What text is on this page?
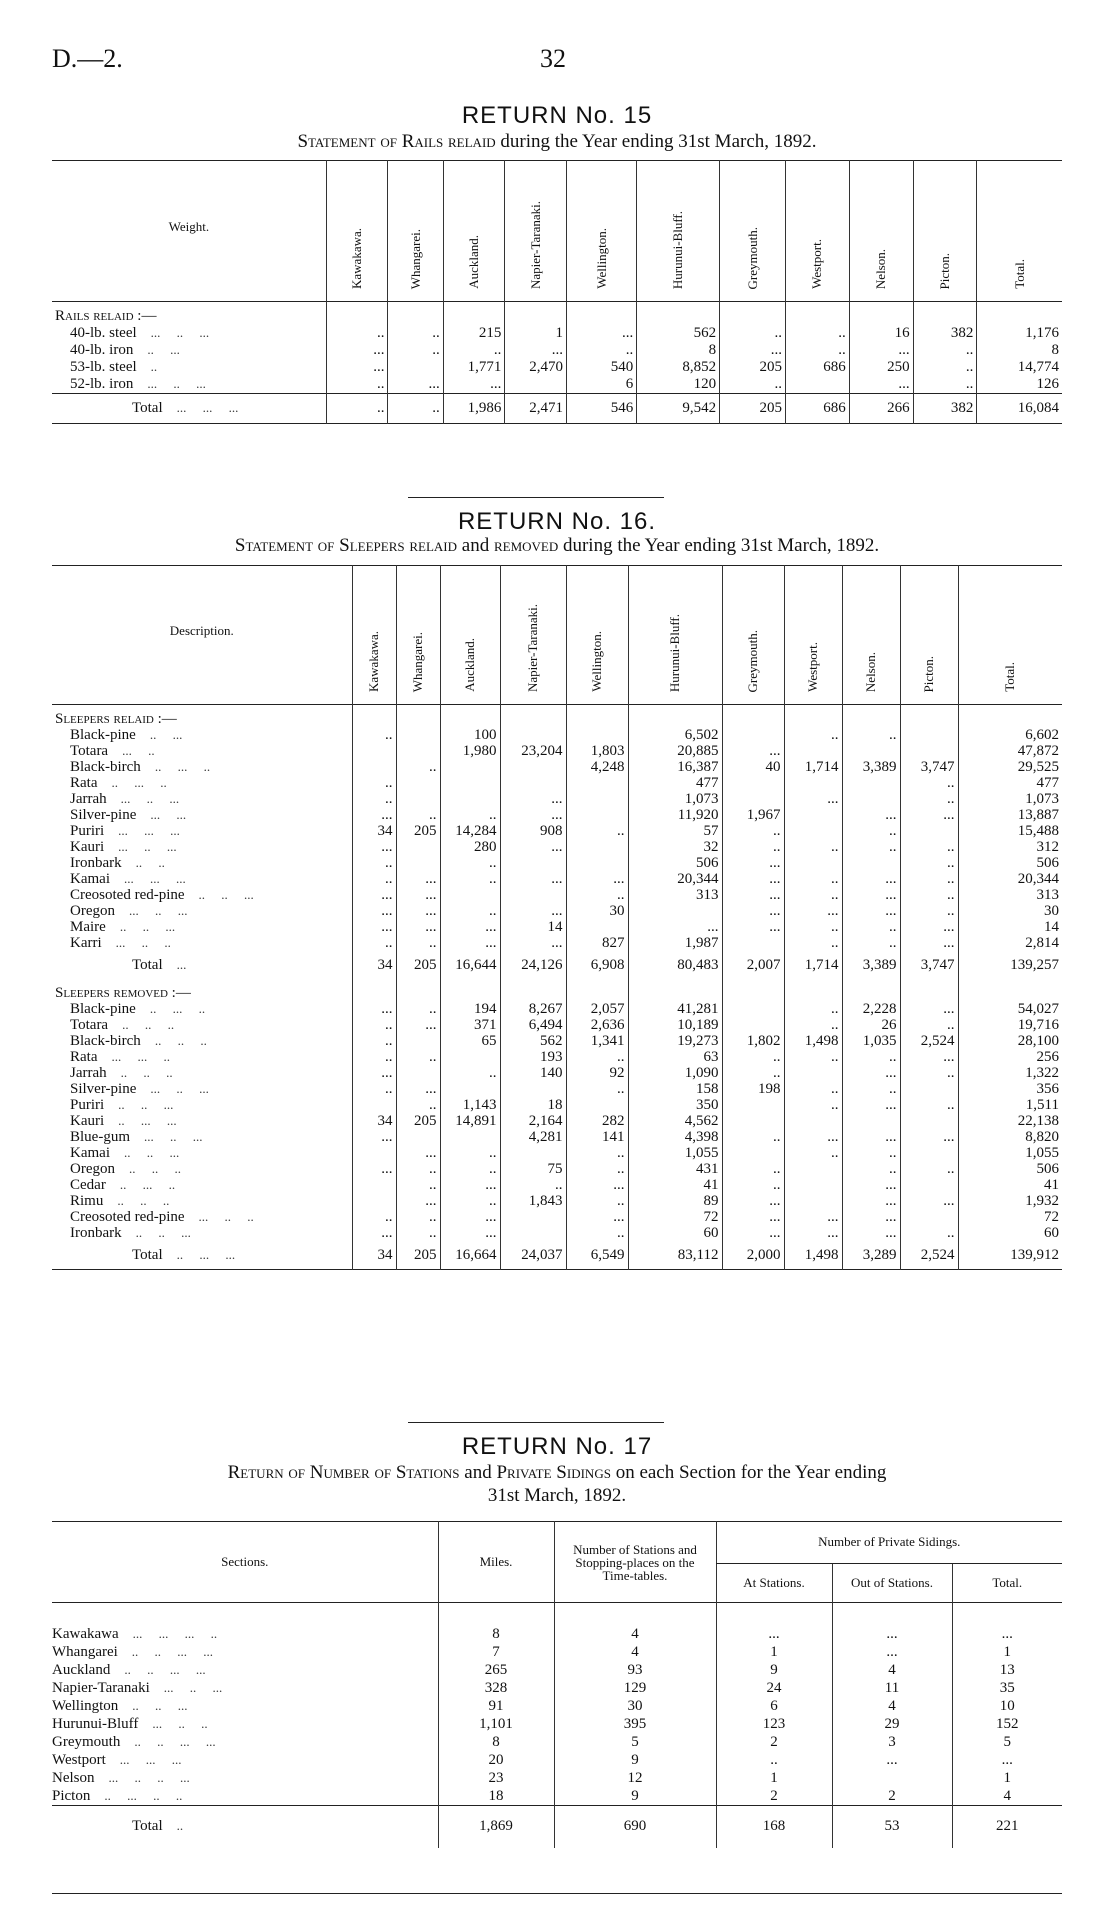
D.—2.	32
RETURN No. 15
Statement of Rails relaid during the Year ending 31st March, 1892.
Weight.	Kawakawa.	Whangarei.	Auckland.	Napier-Taranaki.	Wellington.	Hurunui-Bluff.	Greymouth.	Westport.	Nelson.	Picton.	Total.
Rails relaid :—											
40-lb. steel ...     ..     ...	..	..	215	1	...	562	..	..	16	382	1,176
40-lb. iron ..     ...	...	..	..	...	..	8	...	..	...	..	8
53-lb. steel ..	...		1,771	2,470	540	8,852	205	686	250	..	14,774
52-lb. iron ...     ..     ...	..	...	...		6	120	..		...	..	126
Total ...     ...     ...	..	..	1,986	2,471	546	9,542	205	686	266	382	16,084
RETURN No. 16.
Statement of Sleepers relaid and removed during the Year ending 31st March, 1892.
Description.	Kawakawa.	Whangarei.	Auckland.	Napier-Taranaki.	Wellington.	Hurunui-Bluff.	Greymouth.	Westport.	Nelson.	Picton.	Total.
Sleepers relaid :—											
Black-pine ..     ...	..		100			6,502		..	..		6,602
Totara ...     ..			1,980	23,204	1,803	20,885	...				47,872
Black-birch ..     ...     ..		..			4,248	16,387	40	1,714	3,389	3,747	29,525
Rata ..     ...     ..	..					477				..	477
Jarrah ...     ..     ...	..			...		1,073		...		..	1,073
Silver-pine ...     ...	...	..	..	...		11,920	1,967		...	...	13,887
Puriri ...     ...     ...	34	205	14,284	908	..	57	..		..		15,488
Kauri ...     ..     ...	...		280	...		32	..	..	..	..	312
Ironbark ..     ..	..		..			506	...			..	506
Kamai ...     ...     ...	..	...	..	...	...	20,344	...	..	...	..	20,344
Creosoted red-pine ..     ..     ...	...	...			..	313	...	..	...	..	313
Oregon ...     ..     ...	...	...	..	...	30		...	...	...	..	30
Maire ..     ..     ...	...	...	...	14		...	...	..	..	...	14
Karri ...     ..     ..	..	..	...	...	827	1,987		..	..	...	2,814
Total ...	34	205	16,644	24,126	6,908	80,483	2,007	1,714	3,389	3,747	139,257
Sleepers removed :—											
Black-pine ..     ...     ..	...	..	194	8,267	2,057	41,281		..	2,228	...	54,027
Totara ..     ..     ..	..	...	371	6,494	2,636	10,189		..	26	..	19,716
Black-birch ..     ..     ..	..		65	562	1,341	19,273	1,802	1,498	1,035	2,524	28,100
Rata ...     ...     ..	..	..		193	..	63	..	..	..	...	256
Jarrah ..     ..     ..	...		..	140	92	1,090	..		...	..	1,322
Silver-pine ...     ..     ...	..	...			..	158	198	..	..		356
Puriri ..     ..     ...		..	1,143	18		350		..	...	..	1,511
Kauri ..     ...     ...	34	205	14,891	2,164	282	4,562					22,138
Blue-gum ...     ..     ...	...			4,281	141	4,398	..	...	...	...	8,820
Kamai ..     ..     ...		...	..		..	1,055		..	..		1,055
Oregon ..     ..     ..	...	..	..	75	..	431	..		..	..	506
Cedar ..     ...     ..		..	...	..	...	41	..		...		41
Rimu ..     ..     ..		...	..	1,843	..	89	...		...	...	1,932
Creosoted red-pine ...     ..     ..	..	..	...		...	72	...	...	...		72
Ironbark ..     ..     ...	...	..	...		..	60	...	...	...	..	60
Total ..     ...     ...	34	205	16,664	24,037	6,549	83,112	2,000	1,498	3,289	2,524	139,912
RETURN No. 17
Return of Number of Stations and Private Sidings on each Section for the Year ending
31st March, 1892.
Sections.	Miles.	Number of Stations and Stopping-places on the Time-tables.	Number of Private Sidings.		
			At Stations.	Out of Stations.	Total.

Kawakawa ...     ...     ...     ..	8	4	...	...	...
Whangarei ..     ..     ...     ...	7	4	1	...	1
Auckland ..     ..     ...     ...	265	93	9	4	13
Napier-Taranaki ...     ..     ...	328	129	24	11	35
Wellington ..     ..     ...	91	30	6	4	10
Hurunui-Bluff ...     ..     ..	1,101	395	123	29	152
Greymouth ..     ..     ...     ...	8	5	2	3	5
Westport ...     ...     ...	20	9	..	...	...
Nelson ...     ..     ..     ...	23	12	1		1
Picton ..     ...     ..     ..	18	9	2	2	4
Total ..	1,869	690	168	53	221
